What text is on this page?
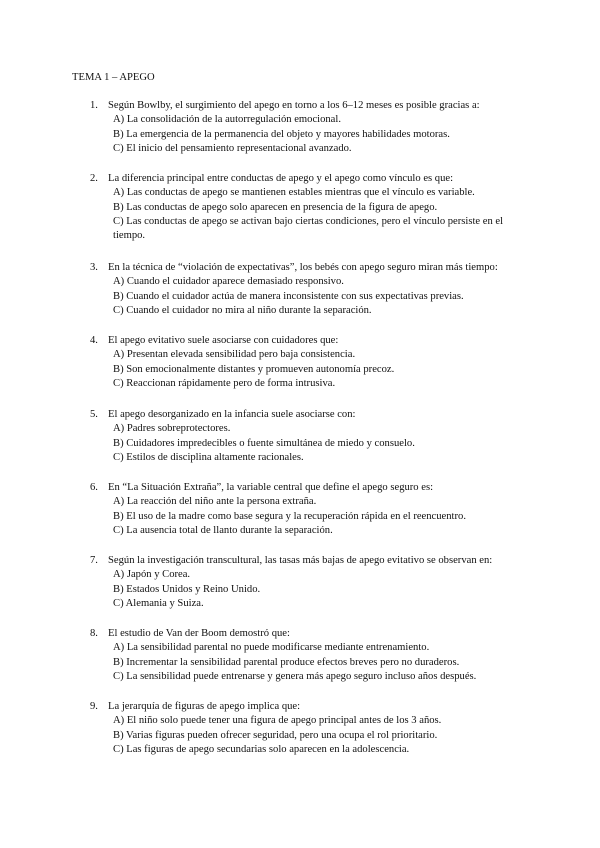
TEMA 1 – APEGO
1. Según Bowlby, el surgimiento del apego en torno a los 6–12 meses es posible gracias a:
A) La consolidación de la autorregulación emocional.
B) La emergencia de la permanencia del objeto y mayores habilidades motoras.
C) El inicio del pensamiento representacional avanzado.
2. La diferencia principal entre conductas de apego y el apego como vínculo es que:
A) Las conductas de apego se mantienen estables mientras que el vínculo es variable.
B) Las conductas de apego solo aparecen en presencia de la figura de apego.
C) Las conductas de apego se activan bajo ciertas condiciones, pero el vínculo persiste en el tiempo.
3. En la técnica de “violación de expectativas”, los bebés con apego seguro miran más tiempo:
A) Cuando el cuidador aparece demasiado responsivo.
B) Cuando el cuidador actúa de manera inconsistente con sus expectativas previas.
C) Cuando el cuidador no mira al niño durante la separación.
4. El apego evitativo suele asociarse con cuidadores que:
A) Presentan elevada sensibilidad pero baja consistencia.
B) Son emocionalmente distantes y promueven autonomía precoz.
C) Reaccionan rápidamente pero de forma intrusiva.
5. El apego desorganizado en la infancia suele asociarse con:
A) Padres sobreprotectores.
B) Cuidadores impredecibles o fuente simultánea de miedo y consuelo.
C) Estilos de disciplina altamente racionales.
6. En “La Situación Extraña”, la variable central que define el apego seguro es:
A) La reacción del niño ante la persona extraña.
B) El uso de la madre como base segura y la recuperación rápida en el reencuentro.
C) La ausencia total de llanto durante la separación.
7. Según la investigación transcultural, las tasas más bajas de apego evitativo se observan en:
A) Japón y Corea.
B) Estados Unidos y Reino Unido.
C) Alemania y Suiza.
8. El estudio de Van der Boom demostró que:
A) La sensibilidad parental no puede modificarse mediante entrenamiento.
B) Incrementar la sensibilidad parental produce efectos breves pero no duraderos.
C) La sensibilidad puede entrenarse y genera más apego seguro incluso años después.
9. La jerarquía de figuras de apego implica que:
A) El niño solo puede tener una figura de apego principal antes de los 3 años.
B) Varias figuras pueden ofrecer seguridad, pero una ocupa el rol prioritario.
C) Las figuras de apego secundarias solo aparecen en la adolescencia.
